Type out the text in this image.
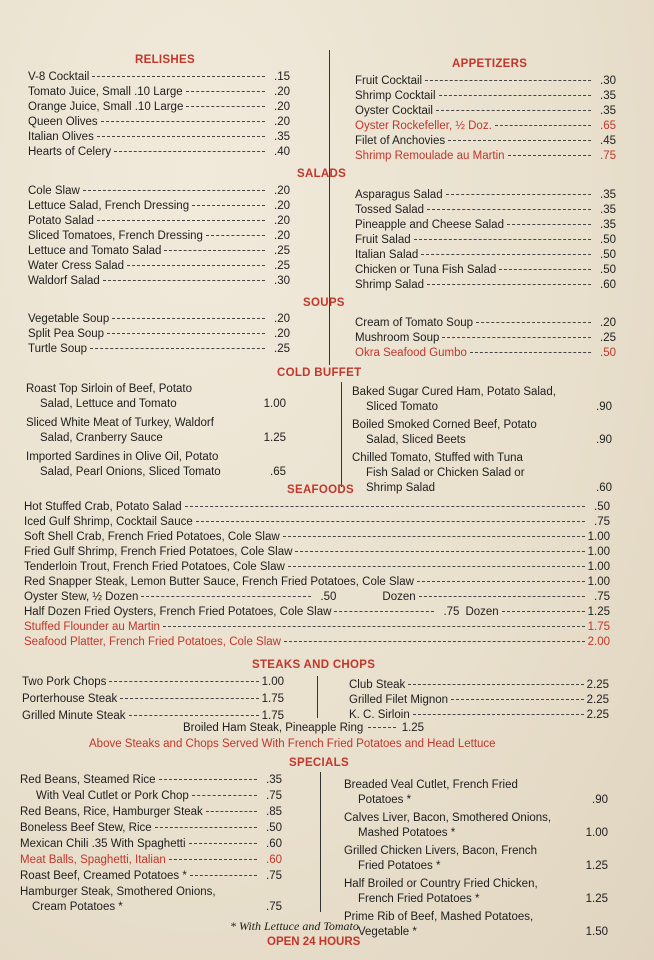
RELISHES	APPETIZERS
SALADS
SOUPS
COLD BUFFET
SEAFOODS
STEAKS AND CHOPS
SPECIALS
V-8 Cocktail	.15
Tomato Juice, Small .10 Large	.20
Orange Juice, Small .10 Large	.20
Queen Olives	.20
Italian Olives	.35
Hearts of Celery	.40
Fruit Cocktail	.30
Shrimp Cocktail	.35
Oyster Cocktail	.35
Oyster Rockefeller, ½ Doz.	.65
Filet of Anchovies	.45
Shrimp Remoulade au Martin	.75
Cole Slaw	.20
Lettuce Salad, French Dressing	.20
Potato Salad	.20
Sliced Tomatoes, French Dressing	.20
Lettuce and Tomato Salad	.25
Water Cress Salad	.25
Waldorf Salad	.30
Asparagus Salad	.35
Tossed Salad	.35
Pineapple and Cheese Salad	.35
Fruit Salad	.50
Italian Salad	.50
Chicken or Tuna Fish Salad	.50
Shrimp Salad	.60
Vegetable Soup	.20
Split Pea Soup	.20
Turtle Soup	.25
Cream of Tomato Soup	.20
Mushroom Soup	.25
Okra Seafood Gumbo	.50
Roast Top Sirloin of Beef, Potato
Salad, Lettuce and Tomato	1.00
Sliced White Meat of Turkey, Waldorf
Salad, Cranberry Sauce	1.25
Imported Sardines in Olive Oil, Potato
Salad, Pearl Onions, Sliced Tomato	.65
Baked Sugar Cured Ham, Potato Salad,
Sliced Tomato	.90
Boiled Smoked Corned Beef, Potato
Salad, Sliced Beets	.90
Chilled Tomato, Stuffed with Tuna
Fish Salad or Chicken Salad or
Shrimp Salad	.60
Hot Stuffed Crab, Potato Salad	.50
Iced Gulf Shrimp, Cocktail Sauce	.75
Soft Shell Crab, French Fried Potatoes, Cole Slaw	1.00
Fried Gulf Shrimp, French Fried Potatoes, Cole Slaw	1.00
Tenderloin Trout, French Fried Potatoes, Cole Slaw	1.00
Red Snapper Steak, Lemon Butter Sauce, French Fried Potatoes, Cole Slaw	1.00
Oyster Stew, ½ Dozen	.50	Dozen	.75
Half Dozen Fried Oysters, French Fried Potatoes, Cole Slaw	.75 Dozen	1.25
Stuffed Flounder au Martin	1.75
Seafood Platter, French Fried Potatoes, Cole Slaw	2.00
Two Pork Chops	1.00
Porterhouse Steak	1.75
Grilled Minute Steak	1.75
Club Steak	2.25
Grilled Filet Mignon	2.25
K. C. Sirloin	2.25
Broiled Ham Steak, Pineapple Ring	1.25
Above Steaks and Chops Served With French Fried Potatoes and Head Lettuce
Red Beans, Steamed Rice	.35
With Veal Cutlet or Pork Chop	.75
Red Beans, Rice, Hamburger Steak	.85
Boneless Beef Stew, Rice	.50
Mexican Chili .35 With Spaghetti	.60
Meat Balls, Spaghetti, Italian	.60
Roast Beef, Creamed Potatoes *	.75
Hamburger Steak, Smothered Onions,
Cream Potatoes *	.75
Breaded Veal Cutlet, French Fried
Potatoes *	.90
Calves Liver, Bacon, Smothered Onions,
Mashed Potatoes *	1.00
Grilled Chicken Livers, Bacon, French
Fried Potatoes *	1.25
Half Broiled or Country Fried Chicken,
French Fried Potatoes *	1.25
Prime Rib of Beef, Mashed Potatoes,
Vegetable *	1.50
* With Lettuce and Tomato
OPEN 24 HOURS
